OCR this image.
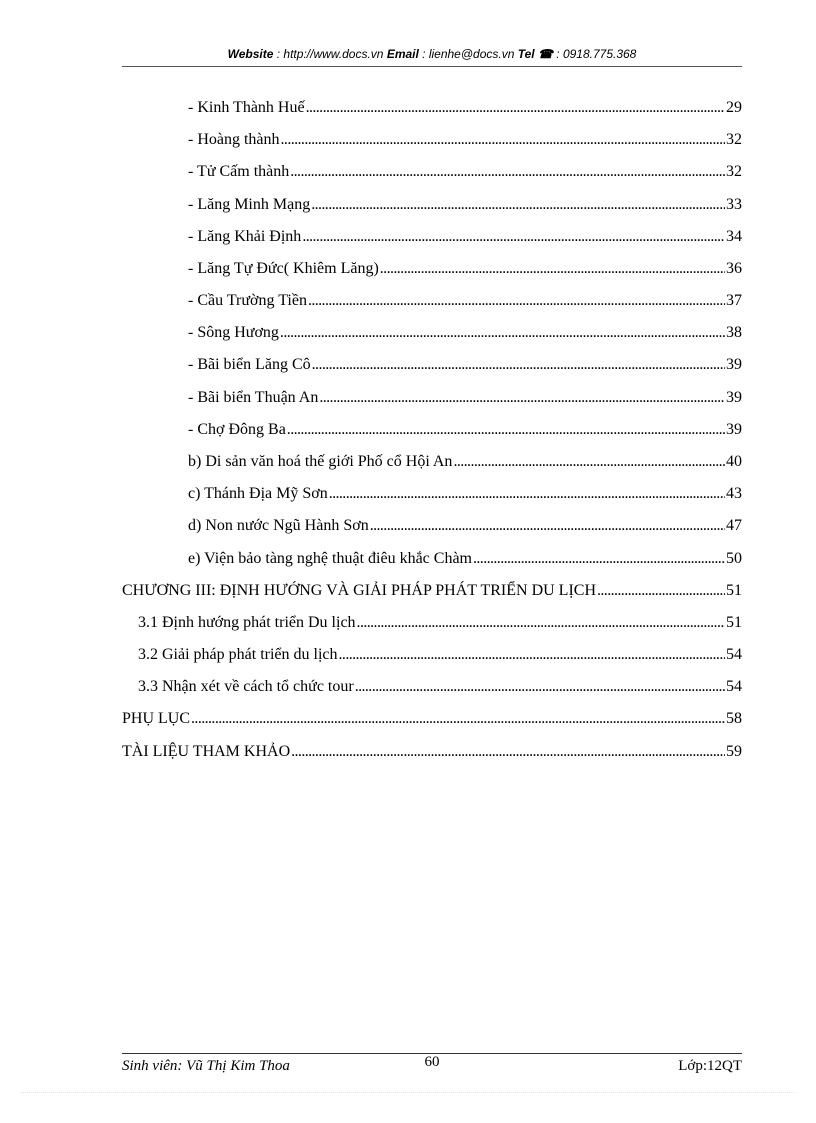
Website : http://www.docs.vn Email : lienhe@docs.vn Tel ☎ : 0918.775.368
- Kinh Thành Huế . . .	29
- Hoàng thành . . .	32
- Tử Cấm thành . . .	32
- Lăng Minh Mạng . . .	33
- Lăng Khải Định . . .	34
- Lăng Tự Đức( Khiêm Lăng) . . .	36
- Cầu Trường Tiền . . .	37
- Sông Hương . . .	38
- Bãi biển Lăng Cô . . .	39
- Bãi biển Thuận An . . .	39
- Chợ Đông Ba . . .	39
b) Di sản văn hoá thế giới Phố cổ Hội An . . .	40
c) Thánh Địa Mỹ Sơn . . .	43
d) Non nước Ngũ Hành Sơn . . .	47
e) Viện bảo tàng nghệ thuật điêu khắc Chàm . . .	50
CHƯƠNG III: ĐỊNH HƯỚNG VÀ GIẢI PHÁP PHÁT TRIỂN DU LỊCH . . .	51
3.1 Định hướng phát triển Du lịch . . .	51
3.2 Giải pháp phát triển du lịch . . .	54
3.3 Nhận xét về cách tổ chức tour . . .	54
PHỤ LỤC . . .	58
TÀI LIỆU THAM KHẢO . . .	59
Sinh viên: Vũ Thị Kim Thoa	60	Lớp:12QT
